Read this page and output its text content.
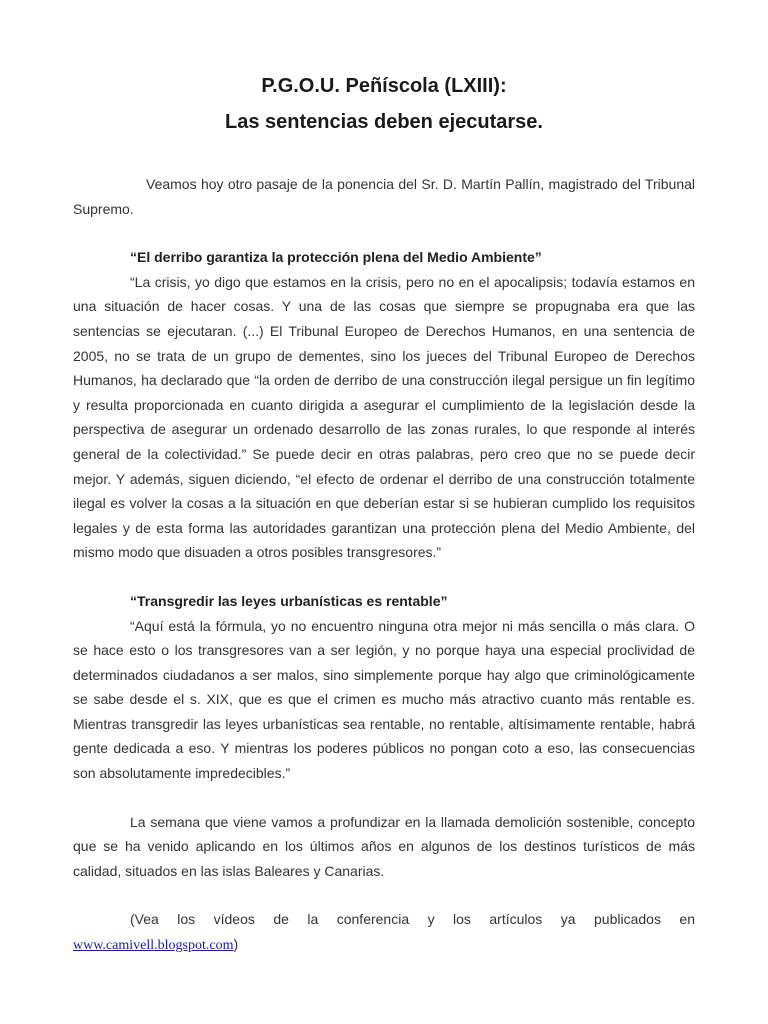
P.G.O.U. Peñíscola (LXIII):
Las sentencias deben ejecutarse.

Veamos hoy otro pasaje de la ponencia del Sr. D. Martín Pallín, magistrado del Tribunal Supremo.

“El derribo garantiza la protección plena del Medio Ambiente”

“La crisis, yo digo que estamos en la crisis, pero no en el apocalipsis; todavía estamos en una situación de hacer cosas. Y una de las cosas que siempre se propugnaba era que las sentencias se ejecutaran. (...) El Tribunal Europeo de Derechos Humanos, en una sentencia de 2005, no se trata de un grupo de dementes, sino los jueces del Tribunal Europeo de Derechos Humanos, ha declarado que “la orden de derribo de una construcción ilegal persigue un fin legítimo y resulta proporcionada en cuanto dirigida a asegurar el cumplimiento de la legislación desde la perspectiva de asegurar un ordenado desarrollo de las zonas rurales, lo que responde al interés general de la colectividad.” Se puede decir en otras palabras, pero creo que no se puede decir mejor. Y además, siguen diciendo, “el efecto de ordenar el derribo de una construcción totalmente ilegal es volver la cosas a la situación en que deberían estar si se hubieran cumplido los requisitos legales y de esta forma las autoridades garantizan una protección plena del Medio Ambiente, del mismo modo que disuaden a otros posibles transgresores.”

“Transgredir las leyes urbanísticas es rentable”

“Aquí está la fórmula, yo no encuentro ninguna otra mejor ni más sencilla o más clara. O se hace esto o los transgresores van a ser legión, y no porque haya una especial proclividad de determinados ciudadanos a ser malos, sino simplemente porque hay algo que criminológicamente se sabe desde el s. XIX, que es que el crimen es mucho más atractivo cuanto más rentable es. Mientras transgredir las leyes urbanísticas sea rentable, no rentable, altísimamente rentable, habrá gente dedicada a eso. Y mientras los poderes públicos no pongan coto a eso, las consecuencias son absolutamente impredecibles.”

La semana que viene vamos a profundizar en la llamada demolición sostenible, concepto que se ha venido aplicando en los últimos años en algunos de los destinos turísticos de más calidad, situados en las islas Baleares y Canarias.

(Vea los vídeos de la conferencia y los artículos ya publicados en

www.camivell.blogspot.com)
